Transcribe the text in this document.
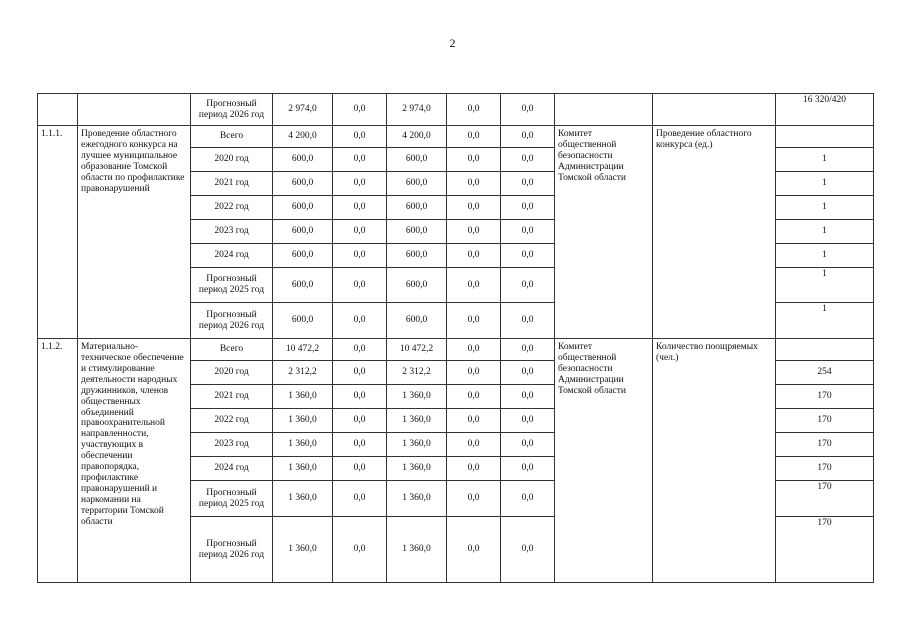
2
		Прогнозный период 2026 год	2 974,0	0,0	2 974,0	0,0	0,0			16 320/420
1.1.1.	Проведение областного ежегодного конкурса на лучшее муниципальное образование Томской области по профилактике правонарушений	Всего	4 200,0	0,0	4 200,0	0,0	0,0	Комитет общественной безопасности Администрации Томской области	Проведение областного конкурса (ед.)	
		2020 год	600,0	0,0	600,0	0,0	0,0			1
		2021 год	600,0	0,0	600,0	0,0	0,0			1
		2022 год	600,0	0,0	600,0	0,0	0,0			1
		2023 год	600,0	0,0	600,0	0,0	0,0			1
		2024 год	600,0	0,0	600,0	0,0	0,0			1
		Прогнозный период 2025 год	600,0	0,0	600,0	0,0	0,0			1
		Прогнозный период 2026 год	600,0	0,0	600,0	0,0	0,0			1
1.1.2.	Материально-техническое обеспечение и стимулирование деятельности народных дружинников, членов общественных объединений правоохранительной направленности, участвующих в обеспечении правопорядка, профилактике правонарушений и наркомании на территории Томской области	Всего	10 472,2	0,0	10 472,2	0,0	0,0	Комитет общественной безопасности Администрации Томской области	Количество поощряемых (чел.)	
		2020 год	2 312,2	0,0	2 312,2	0,0	0,0			254
		2021 год	1 360,0	0,0	1 360,0	0,0	0,0			170
		2022 год	1 360,0	0,0	1 360,0	0,0	0,0			170
		2023 год	1 360,0	0,0	1 360,0	0,0	0,0			170
		2024 год	1 360,0	0,0	1 360,0	0,0	0,0			170
		Прогнозный период 2025 год	1 360,0	0,0	1 360,0	0,0	0,0			170
		Прогнозный период 2026 год	1 360,0	0,0	1 360,0	0,0	0,0			170
